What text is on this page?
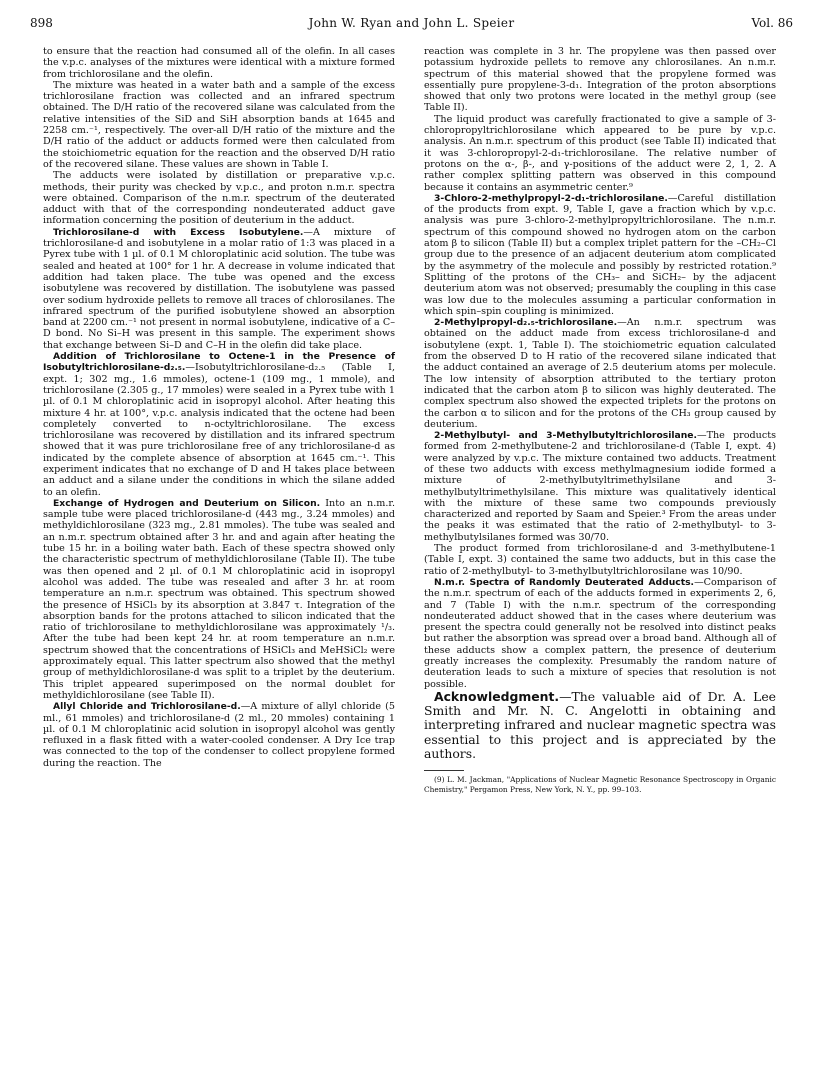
898	John W. Ryan and John L. Speier	Vol. 86

to ensure that the reaction had consumed all of the olefin. In all cases the v.p.c. analyses of the mixtures were identical with a mixture formed from trichlorosilane and the olefin.

The mixture was heated in a water bath and a sample of the excess trichlorosilane fraction was collected and an infrared spectrum obtained. The D/H ratio of the recovered silane was calculated from the relative intensities of the SiD and SiH absorption bands at 1645 and 2258 cm.⁻¹, respectively. The over-all D/H ratio of the mixture and the D/H ratio of the adduct or adducts formed were then calculated from the stoichiometric equation for the reaction and the observed D/H ratio of the recovered silane. These values are shown in Table I.

The adducts were isolated by distillation or preparative v.p.c. methods, their purity was checked by v.p.c., and proton n.m.r. spectra were obtained. Comparison of the n.m.r. spectrum of the deuterated adduct with that of the corresponding nondeuterated adduct gave information concerning the position of deuterium in the adduct.

Trichlorosilane-d with Excess Isobutylene.—A mixture of trichlorosilane-d and isobutylene in a molar ratio of 1:3 was placed in a Pyrex tube with 1 µl. of 0.1 M chloroplatinic acid solution. The tube was sealed and heated at 100° for 1 hr. A decrease in volume indicated that addition had taken place. The tube was opened and the excess isobutylene was recovered by distillation. The isobutylene was passed over sodium hydroxide pellets to remove all traces of chlorosilanes. The infrared spectrum of the purified isobutylene showed an absorption band at 2200 cm.⁻¹ not present in normal isobutylene, indicative of a C–D bond. No Si–H was present in this sample. The experiment shows that exchange between Si–D and C–H in the olefin did take place.

Addition of Trichlorosilane to Octene-1 in the Presence of Isobutyltrichlorosilane-d₂.₅.—Isobutyltrichlorosilane-d₂.₅ (Table I, expt. 1; 302 mg., 1.6 mmoles), octene-1 (109 mg., 1 mmole), and trichlorosilane (2.305 g., 17 mmoles) were sealed in a Pyrex tube with 1 µl. of 0.1 M chloroplatinic acid in isopropyl alcohol. After heating this mixture 4 hr. at 100°, v.p.c. analysis indicated that the octene had been completely converted to n-octyltrichlorosilane. The excess trichlorosilane was recovered by distillation and its infrared spectrum showed that it was pure trichlorosilane free of any trichlorosilane-d as indicated by the complete absence of absorption at 1645 cm.⁻¹. This experiment indicates that no exchange of D and H takes place between an adduct and a silane under the conditions in which the silane added to an olefin.

Exchange of Hydrogen and Deuterium on Silicon. Into an n.m.r. sample tube were placed trichlorosilane-d (443 mg., 3.24 mmoles) and methyldichlorosilane (323 mg., 2.81 mmoles). The tube was sealed and an n.m.r. spectrum obtained after 3 hr. and and again after heating the tube 15 hr. in a boiling water bath. Each of these spectra showed only the characteristic spectrum of methyldichlorosilane (Table II). The tube was then opened and 2 µl. of 0.1 M chloroplatinic acid in isopropyl alcohol was added. The tube was resealed and after 3 hr. at room temperature an n.m.r. spectrum was obtained. This spectrum showed the presence of HSiCl₃ by its absorption at 3.847 τ. Integration of the absorption bands for the protons attached to silicon indicated that the ratio of trichlorosilane to methyldichlorosilane was approximately ¹/₃. After the tube had been kept 24 hr. at room temperature an n.m.r. spectrum showed that the concentrations of HSiCl₃ and MeHSiCl₂ were approximately equal. This latter spectrum also showed that the methyl group of methyldichlorosilane-d was split to a triplet by the deuterium. This triplet appeared superimposed on the normal doublet for methyldichlorosilane (see Table II).

Allyl Chloride and Trichlorosilane-d.—A mixture of allyl chloride (5 ml., 61 mmoles) and trichlorosilane-d (2 ml., 20 mmoles) containing 1 µl. of 0.1 M chloroplatinic acid solution in isopropyl alcohol was gently refluxed in a flask fitted with a water-cooled condenser. A Dry Ice trap was connected to the top of the condenser to collect propylene formed during the reaction. The

reaction was complete in 3 hr. The propylene was then passed over potassium hydroxide pellets to remove any chlorosilanes. An n.m.r. spectrum of this material showed that the propylene formed was essentially pure propylene-3-d₁. Integration of the proton absorptions showed that only two protons were located in the methyl group (see Table II).

The liquid product was carefully fractionated to give a sample of 3-chloropropyltrichlorosilane which appeared to be pure by v.p.c. analysis. An n.m.r. spectrum of this product (see Table II) indicated that it was 3-chloropropyl-2-d₁-trichlorosilane. The relative number of protons on the α-, β-, and γ-positions of the adduct were 2, 1, 2. A rather complex splitting pattern was observed in this compound because it contains an asymmetric center.⁹

3-Chloro-2-methylpropyl-2-d₁-trichlorosilane.—Careful distillation of the products from expt. 9, Table I, gave a fraction which by v.p.c. analysis was pure 3-chloro-2-methylpropyltrichlorosilane. The n.m.r. spectrum of this compound showed no hydrogen atom on the carbon atom β to silicon (Table II) but a complex triplet pattern for the –CH₂–Cl group due to the presence of an adjacent deuterium atom complicated by the asymmetry of the molecule and possibly by restricted rotation.⁹ Splitting of the protons of the CH₃– and SiCH₂– by the adjacent deuterium atom was not observed; presumably the coupling in this case was low due to the molecules assuming a particular conformation in which spin–spin coupling is minimized.

2-Methylpropyl-d₂.₅-trichlorosilane.—An n.m.r. spectrum was obtained on the adduct made from excess trichlorosilane-d and isobutylene (expt. 1, Table I). The stoichiometric equation calculated from the observed D to H ratio of the recovered silane indicated that the adduct contained an average of 2.5 deuterium atoms per molecule. The low intensity of absorption attributed to the tertiary proton indicated that the carbon atom β to silicon was highly deuterated. The complex spectrum also showed the expected triplets for the protons on the carbon α to silicon and for the protons of the CH₃ group caused by deuterium.

2-Methylbutyl- and 3-Methylbutyltrichlorosilane.—The products formed from 2-methylbutene-2 and trichlorosilane-d (Table I, expt. 4) were analyzed by v.p.c. The mixture contained two adducts. Treatment of these two adducts with excess methylmagnesium iodide formed a mixture of 2-methylbutyltrimethylsilane and 3-methylbutyltrimethylsilane. This mixture was qualitatively identical with the mixture of these same two compounds previously characterized and reported by Saam and Speier.³ From the areas under the peaks it was estimated that the ratio of 2-methylbutyl- to 3-methylbutylsilanes formed was 30/70.

The product formed from trichlorosilane-d and 3-methylbutene-1 (Table I, expt. 3) contained the same two adducts, but in this case the ratio of 2-methylbutyl- to 3-methylbutyltrichlorosilane was 10/90.

N.m.r. Spectra of Randomly Deuterated Adducts.—Comparison of the n.m.r. spectrum of each of the adducts formed in experiments 2, 6, and 7 (Table I) with the n.m.r. spectrum of the corresponding nondeuterated adduct showed that in the cases where deuterium was present the spectra could generally not be resolved into distinct peaks but rather the absorption was spread over a broad band. Although all of these adducts show a complex pattern, the presence of deuterium greatly increases the complexity. Presumably the random nature of deuteration leads to such a mixture of species that resolution is not possible.

Acknowledgment.—The valuable aid of Dr. A. Lee Smith and Mr. N. C. Angelotti in obtaining and interpreting infrared and nuclear magnetic spectra was essential to this project and is appreciated by the authors.

(9) L. M. Jackman, "Applications of Nuclear Magnetic Resonance Spectroscopy in Organic Chemistry," Pergamon Press, New York, N. Y., pp. 99–103.
